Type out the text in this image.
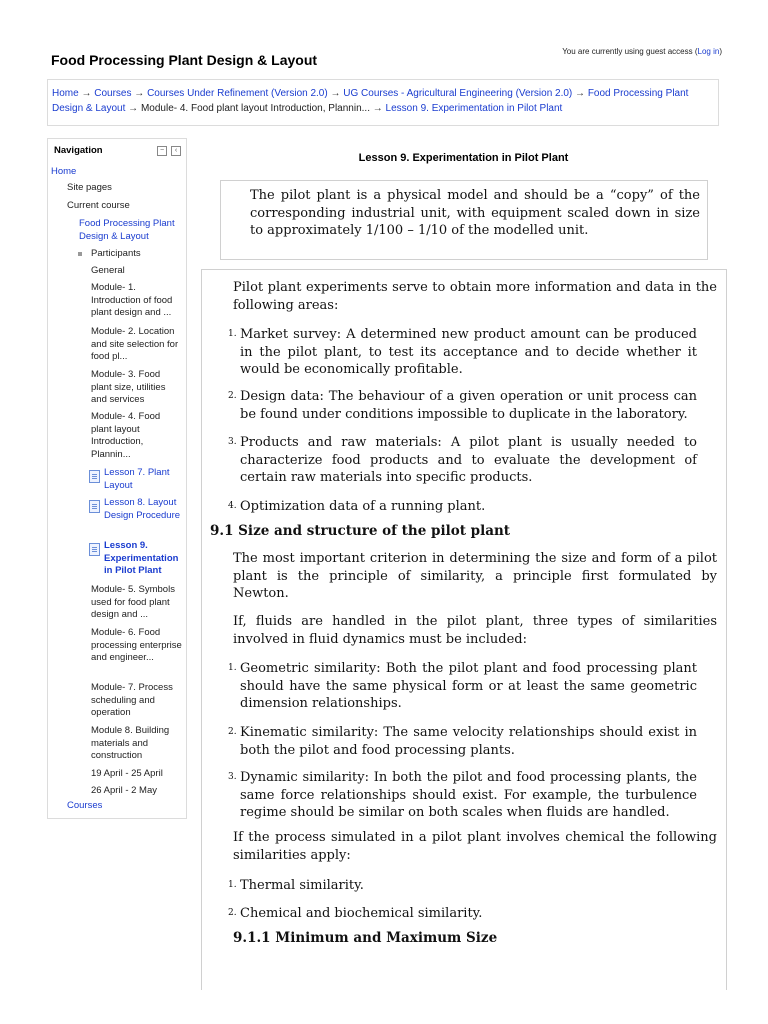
Food Processing Plant Design & Layout
You are currently using guest access (Log in)
Home → Courses → Courses Under Refinement (Version 2.0) → UG Courses - Agricultural Engineering (Version 2.0) → Food Processing Plant Design & Layout → Module- 4. Food plant layout Introduction, Plannin... → Lesson 9. Experimentation in Pilot Plant
Navigation	−	‹
Home
Site pages
Current course
Food Processing Plant Design & Layout
Participants
General
Module- 1. Introduction of food plant design and ...
Module- 2. Location and site selection for food pl...
Module- 3. Food plant size, utilities and services
Module- 4. Food plant layout Introduction, Plannin...
Lesson 7. Plant Layout
Lesson 8. Layout Design Procedure
Lesson 9. Experimentation in Pilot Plant
Module- 5. Symbols used for food plant design and ...
Module- 6. Food processing enterprise and engineer...
Module- 7. Process scheduling and operation
Module 8. Building materials and construction
19 April - 25 April
26 April - 2 May
Courses
Lesson 9. Experimentation in Pilot Plant
The pilot plant is a physical model and should be a “copy” of the corresponding industrial unit, with equipment scaled down in size to approximately 1/100 – 1/10 of the modelled unit.
Pilot plant experiments serve to obtain more information and data in the following areas:
1. Market survey: A determined new product amount can be produced in the pilot plant, to test its acceptance and to decide whether it would be economically profitable.
2. Design data: The behaviour of a given operation or unit process can be found under conditions impossible to duplicate in the laboratory.
3. Products and raw materials: A pilot plant is usually needed to characterize food products and to evaluate the development of certain raw materials into specific products.
4. Optimization data of a running plant.
9.1 Size and structure of the pilot plant
The most important criterion in determining the size and form of a pilot plant is the principle of similarity, a principle first formulated by Newton.
If, fluids are handled in the pilot plant, three types of similarities involved in fluid dynamics must be included:
1. Geometric similarity: Both the pilot plant and food processing plant should have the same physical form or at least the same geometric dimension relationships.
2. Kinematic similarity: The same velocity relationships should exist in both the pilot and food processing plants.
3. Dynamic similarity: In both the pilot and food processing plants, the same force relationships should exist. For example, the turbulence regime should be similar on both scales when fluids are handled.
If the process simulated in a pilot plant involves chemical the following similarities apply:
1. Thermal similarity.
2. Chemical and biochemical similarity.
9.1.1 Minimum and Maximum Size
